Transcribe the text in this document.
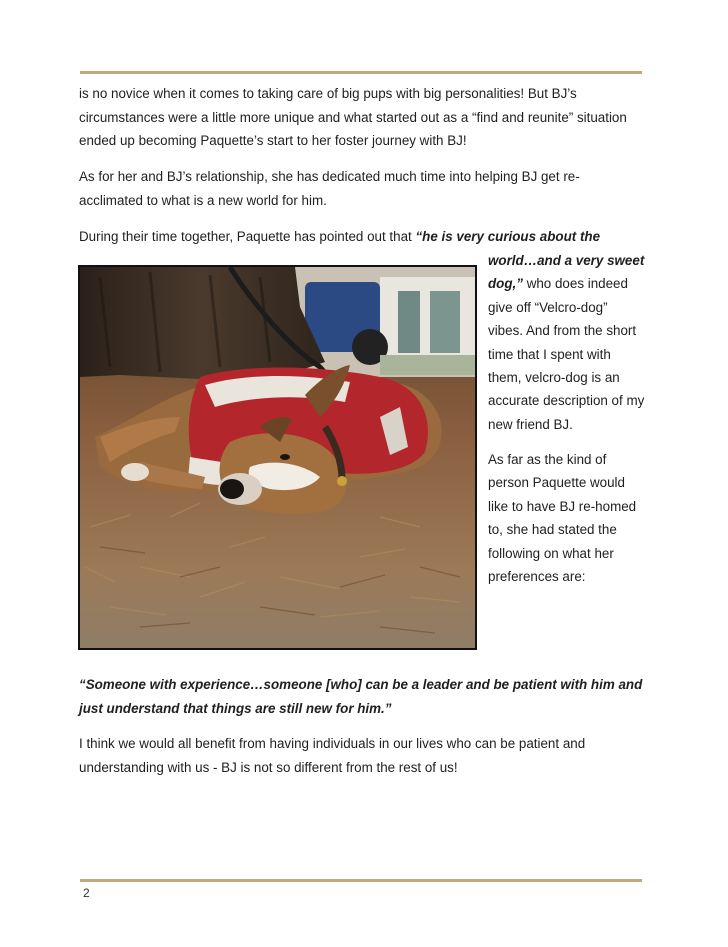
is no novice when it comes to taking care of big pups with big personalities! But BJ’s circumstances were a little more unique and what started out as a “find and reunite” situation ended up becoming Paquette’s start to her foster journey with BJ!

As for her and BJ’s relationship, she has dedicated much time into helping BJ get re-acclimated to what is a new world for him.

During their time together, Paquette has pointed out that “he is very curious about the

world…and a very sweet dog,” who does indeed give off “Velcro-dog” vibes. And from the short time that I spent with them, velcro-dog is an accurate description of my new friend BJ.

As far as the kind of person Paquette would like to have BJ re-homed to, she had stated the following on what her preferences are:

“Someone with experience…someone [who] can be a leader and be patient with him and just understand that things are still new for him.”

I think we would all benefit from having individuals in our lives who can be patient and understanding with us - BJ is not so different from the rest of us!

2
